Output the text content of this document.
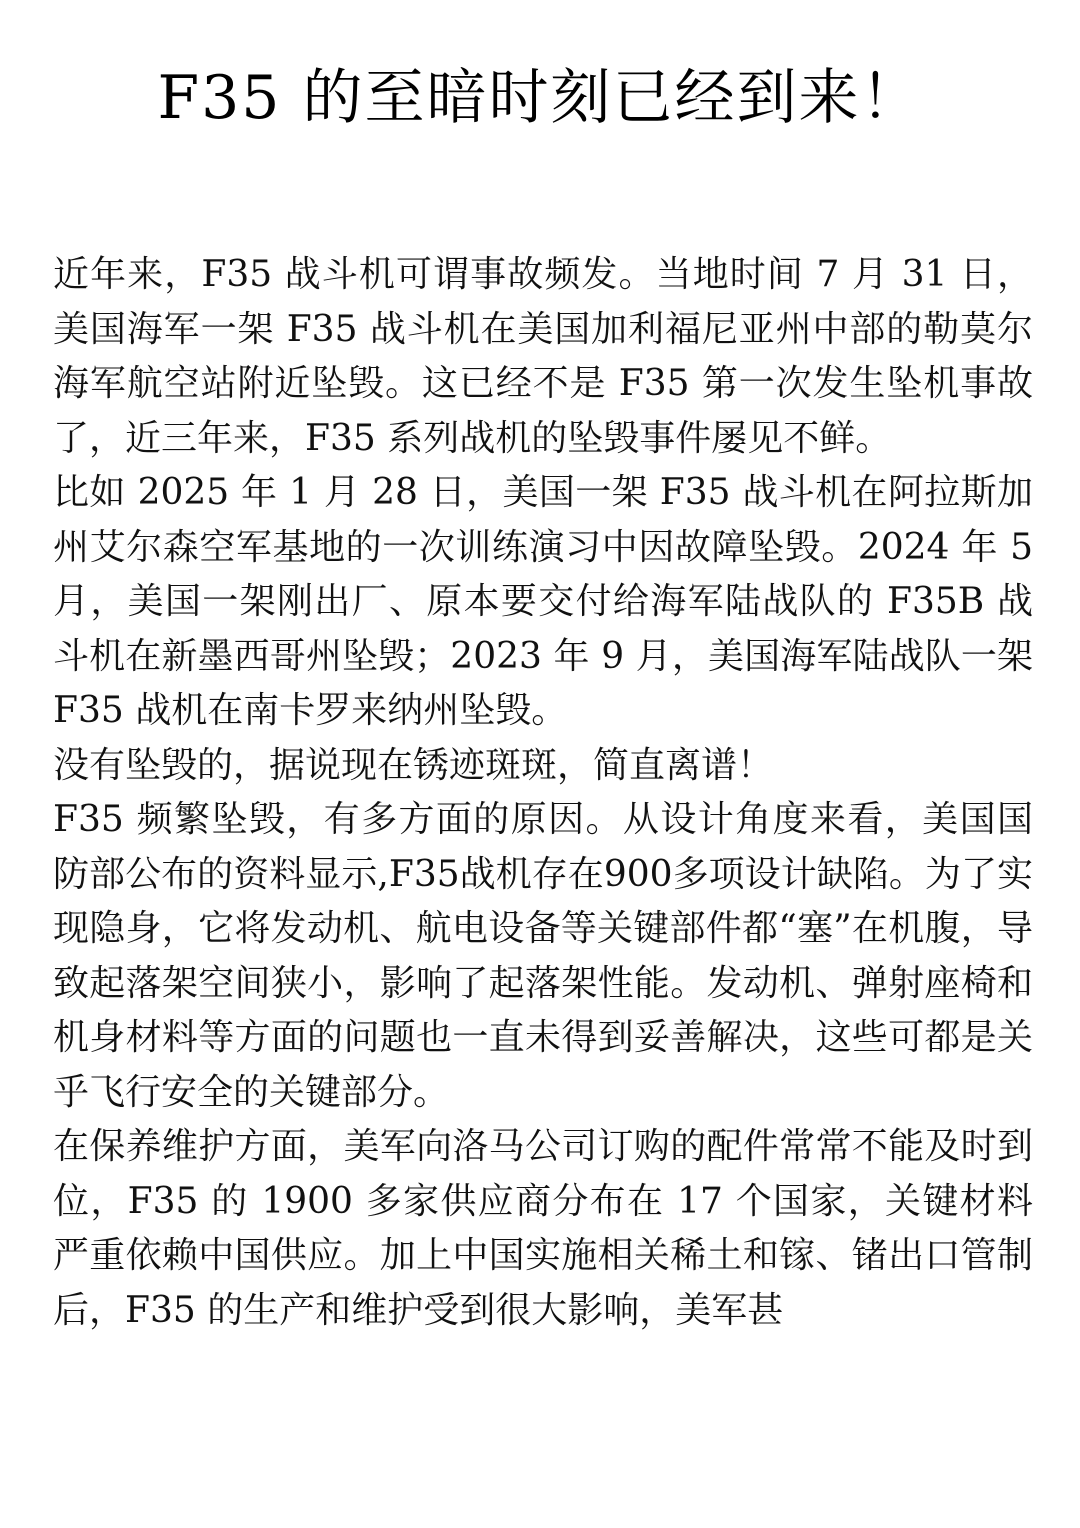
F35 的至暗时刻已经到来！

近年来，F35 战斗机可谓事故频发。当地时间 7 月 31 日，美国海军一架 F35 战斗机在美国加利福尼亚州中部的勒莫尔海军航空站附近坠毁。这已经不是 F35 第一次发生坠机事故了，近三年来，F35 系列战机的坠毁事件屡见不鲜。

比如 2025 年 1 月 28 日，美国一架 F35 战斗机在阿拉斯加州艾尔森空军基地的一次训练演习中因故障坠毁。2024 年 5 月，美国一架刚出厂、原本要交付给海军陆战队的 F35B 战斗机在新墨西哥州坠毁；2023 年 9 月，美国海军陆战队一架 F35 战机在南卡罗来纳州坠毁。

没有坠毁的，据说现在锈迹斑斑，简直离谱！

F35 频繁坠毁，有多方面的原因。从设计角度来看，美国国防部公布的资料显示,F35战机存在900多项设计缺陷。为了实现隐身，它将发动机、航电设备等关键部件都“塞”在机腹，导致起落架空间狭小，影响了起落架性能。发动机、弹射座椅和机身材料等方面的问题也一直未得到妥善解决，这些可都是关乎飞行安全的关键部分。

在保养维护方面，美军向洛马公司订购的配件常常不能及时到位，F35 的 1900 多家供应商分布在 17 个国家，关键材料严重依赖中国供应。加上中国实施相关稀土和镓、锗出口管制后，F35 的生产和维护受到很大影响，美军甚
